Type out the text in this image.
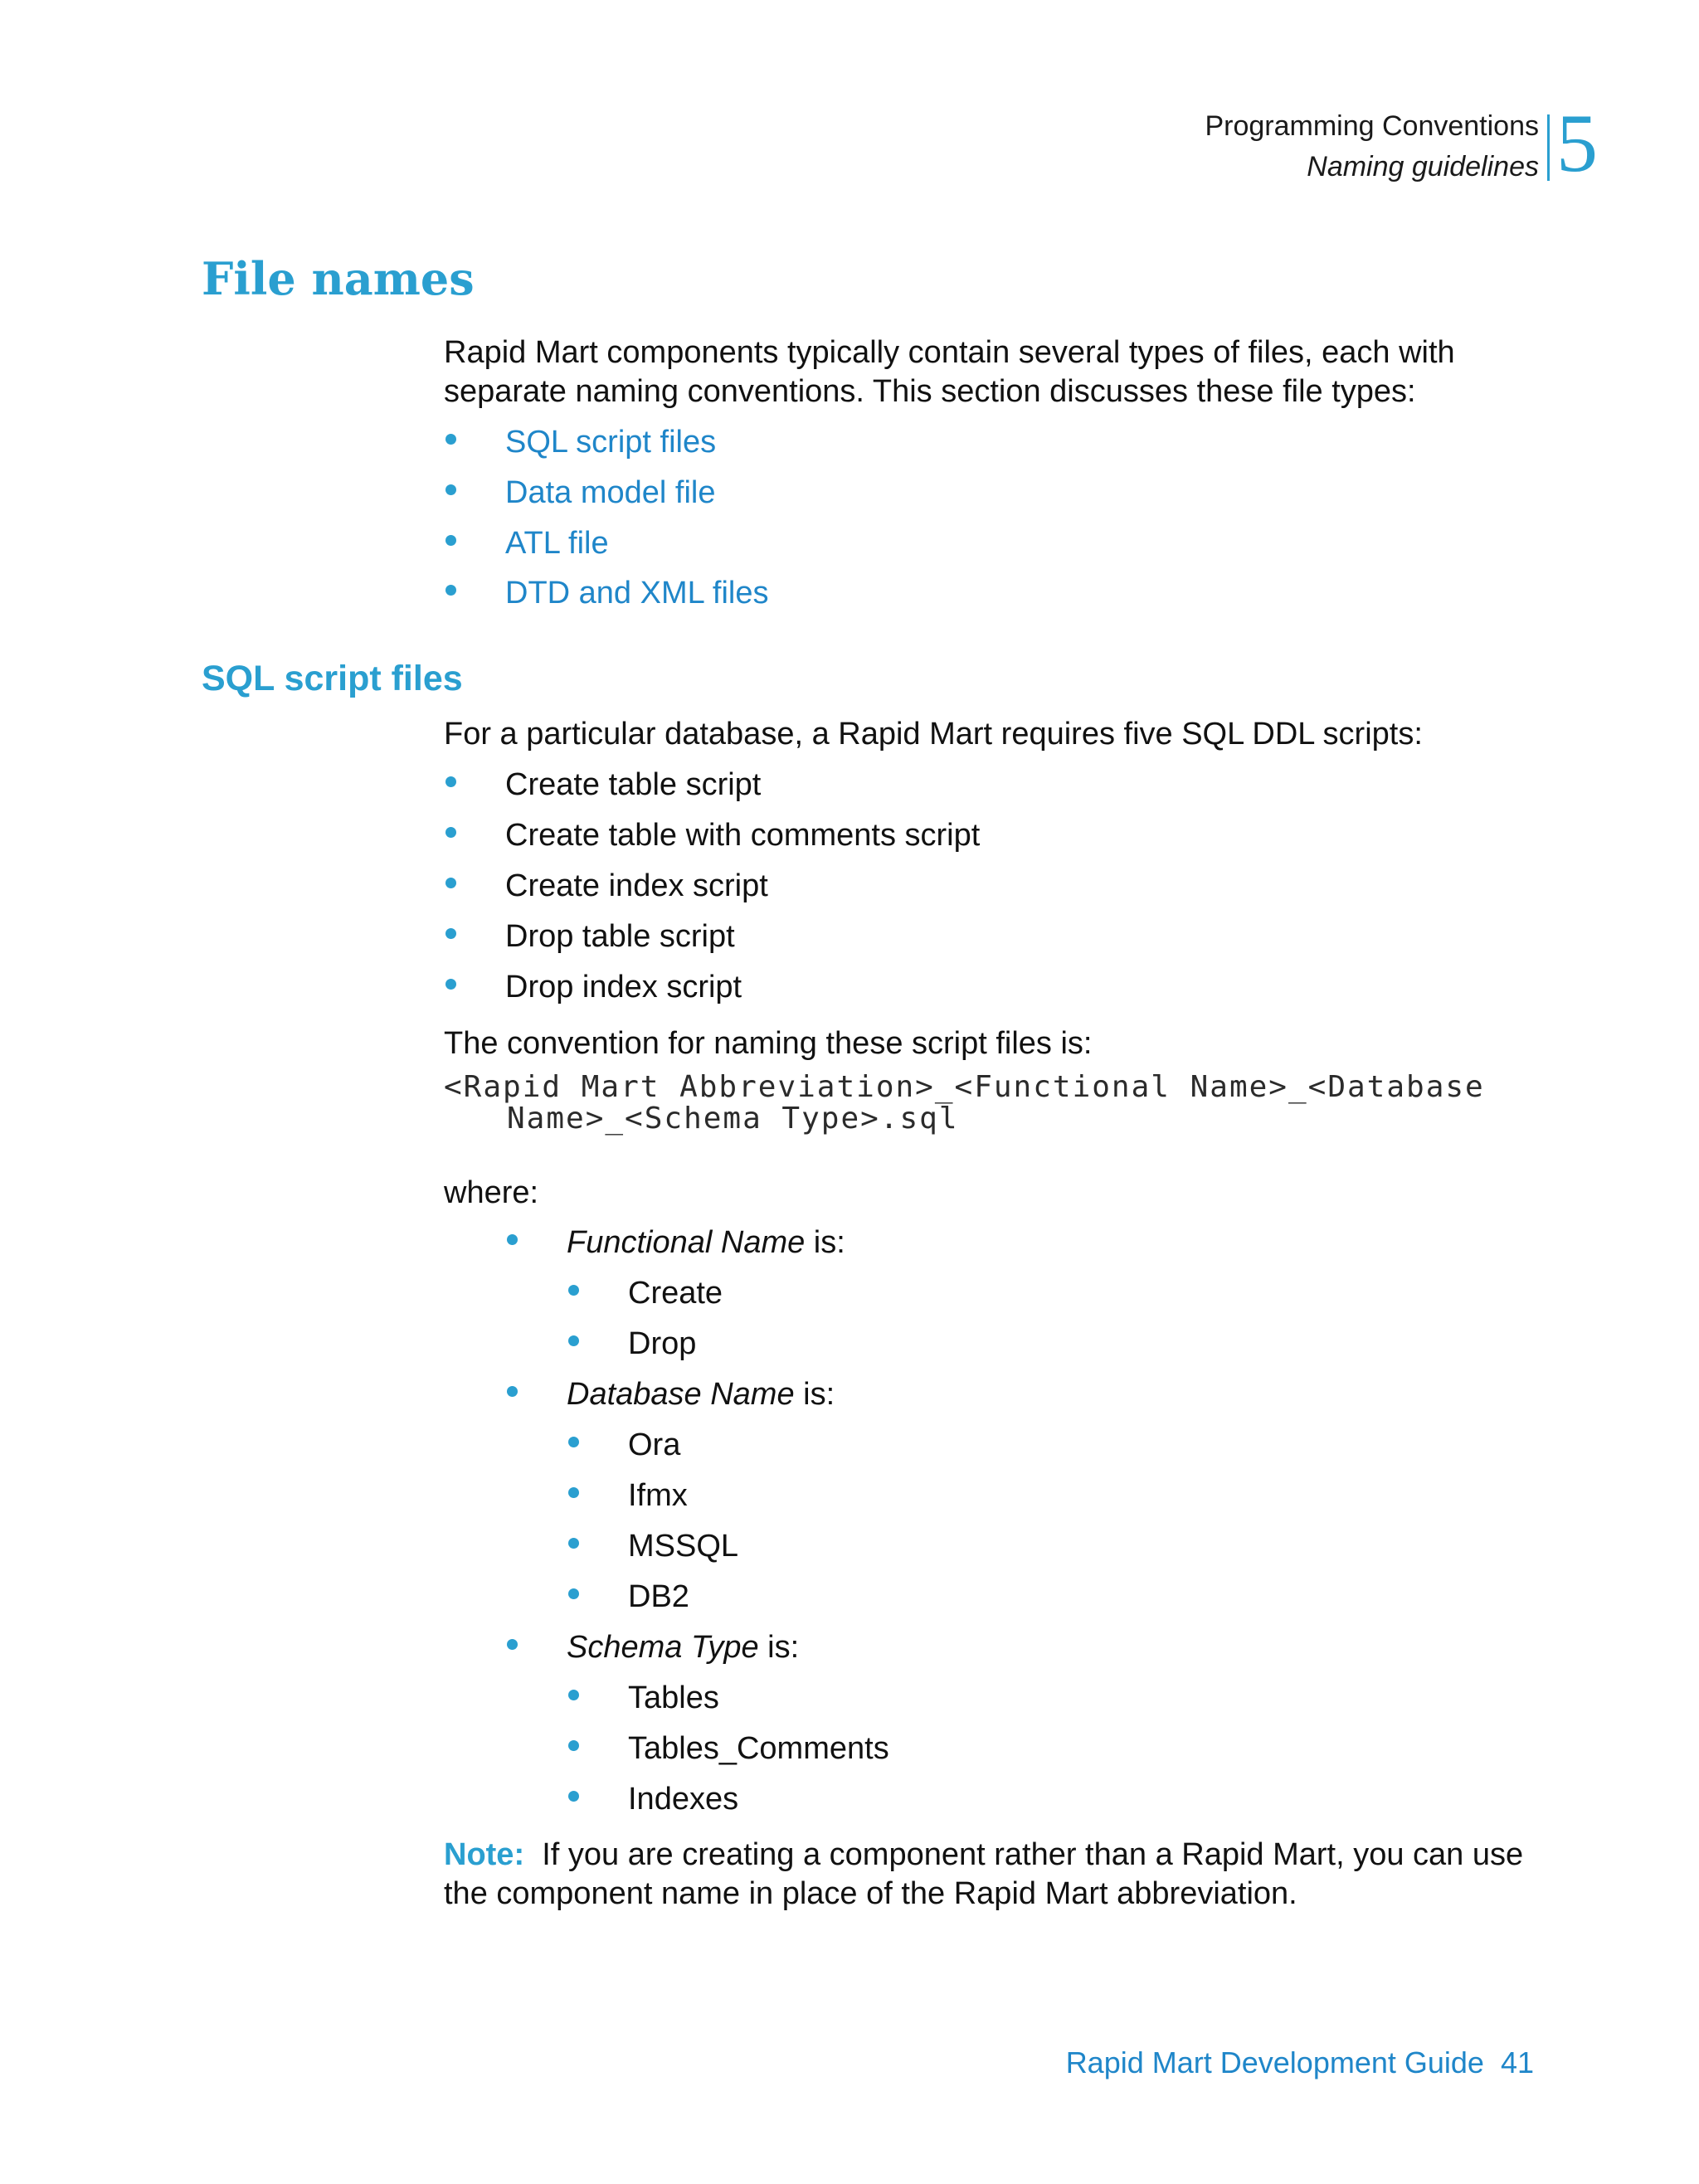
Programming Conventions
Naming guidelines 5
File names
Rapid Mart components typically contain several types of files, each with separate naming conventions. This section discusses these file types:
SQL script files
Data model file
ATL file
DTD and XML files
SQL script files
For a particular database, a Rapid Mart requires five SQL DDL scripts:
Create table script
Create table with comments script
Create index script
Drop table script
Drop index script
The convention for naming these script files is:
<Rapid Mart Abbreviation>_<Functional Name>_<Database
Name>_<Schema Type>.sql
where:
Functional Name is:
Create
Drop
Database Name is:
Ora
Ifmx
MSSQL
DB2
Schema Type is:
Tables
Tables_Comments
Indexes
Note: If you are creating a component rather than a Rapid Mart, you can use the component name in place of the Rapid Mart abbreviation.
Rapid Mart Development Guide 41
